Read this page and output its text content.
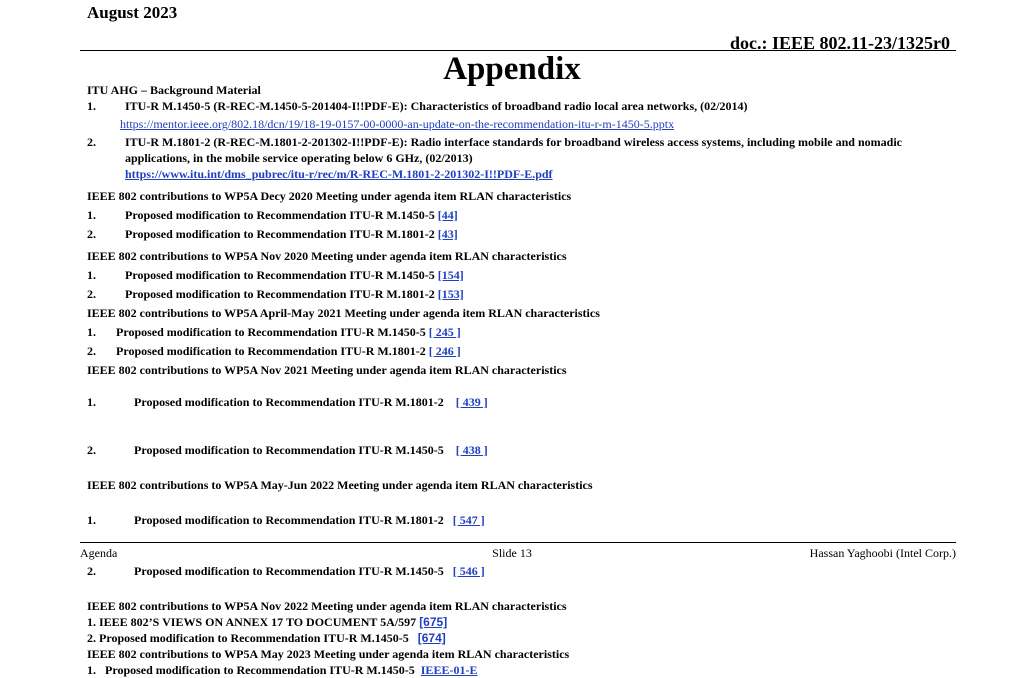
August 2023
doc.: IEEE 802.11-23/1325r0
Appendix
ITU AHG – Background Material
1. ITU-R M.1450-5 (R-REC-M.1450-5-201404-I!!PDF-E): Characteristics of broadband radio local area networks, (02/2014)
https://mentor.ieee.org/802.18/dcn/19/18-19-0157-00-0000-an-update-on-the-recommendation-itu-r-m-1450-5.pptx
2. ITU-R M.1801-2 (R-REC-M.1801-2-201302-I!!PDF-E): Radio interface standards for broadband wireless access systems, including mobile and nomadic applications, in the mobile service operating below 6 GHz, (02/2013)
https://www.itu.int/dms_pubrec/itu-r/rec/m/R-REC-M.1801-2-201302-I!!PDF-E.pdf
IEEE 802 contributions to WP5A Decy 2020 Meeting under agenda item RLAN characteristics
1. Proposed modification to Recommendation ITU-R M.1450-5 [44]
2. Proposed modification to Recommendation ITU-R M.1801-2 [43]
IEEE 802 contributions to WP5A Nov 2020 Meeting under agenda item RLAN characteristics
1. Proposed modification to Recommendation ITU-R M.1450-5 [154]
2. Proposed modification to Recommendation ITU-R M.1801-2 [153]
IEEE 802 contributions to WP5A April-May 2021 Meeting under agenda item RLAN characteristics
1. Proposed modification to Recommendation ITU-R M.1450-5 [ 245 ]
2. Proposed modification to Recommendation ITU-R M.1801-2 [ 246 ]
IEEE 802 contributions to WP5A Nov 2021 Meeting under agenda item RLAN characteristics

1.	Proposed modification to Recommendation ITU-R M.1801-2    [ 439 ]

2.	Proposed modification to Recommendation ITU-R M.1450-5    [ 438 ]

IEEE 802 contributions to WP5A May-Jun 2022 Meeting under agenda item RLAN characteristics

1.	Proposed modification to Recommendation ITU-R M.1801-2   [ 547 ]

2.	Proposed modification to Recommendation ITU-R M.1450-5   [ 546 ]

IEEE 802 contributions to WP5A Nov 2022 Meeting under agenda item RLAN characteristics
1. IEEE 802’S VIEWS ON ANNEX 17 TO DOCUMENT 5A/597 [675]
2. Proposed modification to Recommendation ITU-R M.1450-5   [674]
IEEE 802 contributions to WP5A May 2023 Meeting under agenda item RLAN characteristics
1.   Proposed modification to Recommendation ITU-R M.1450-5  IEEE-01-E
Agenda	Slide 13	Hassan Yaghoobi (Intel Corp.)
